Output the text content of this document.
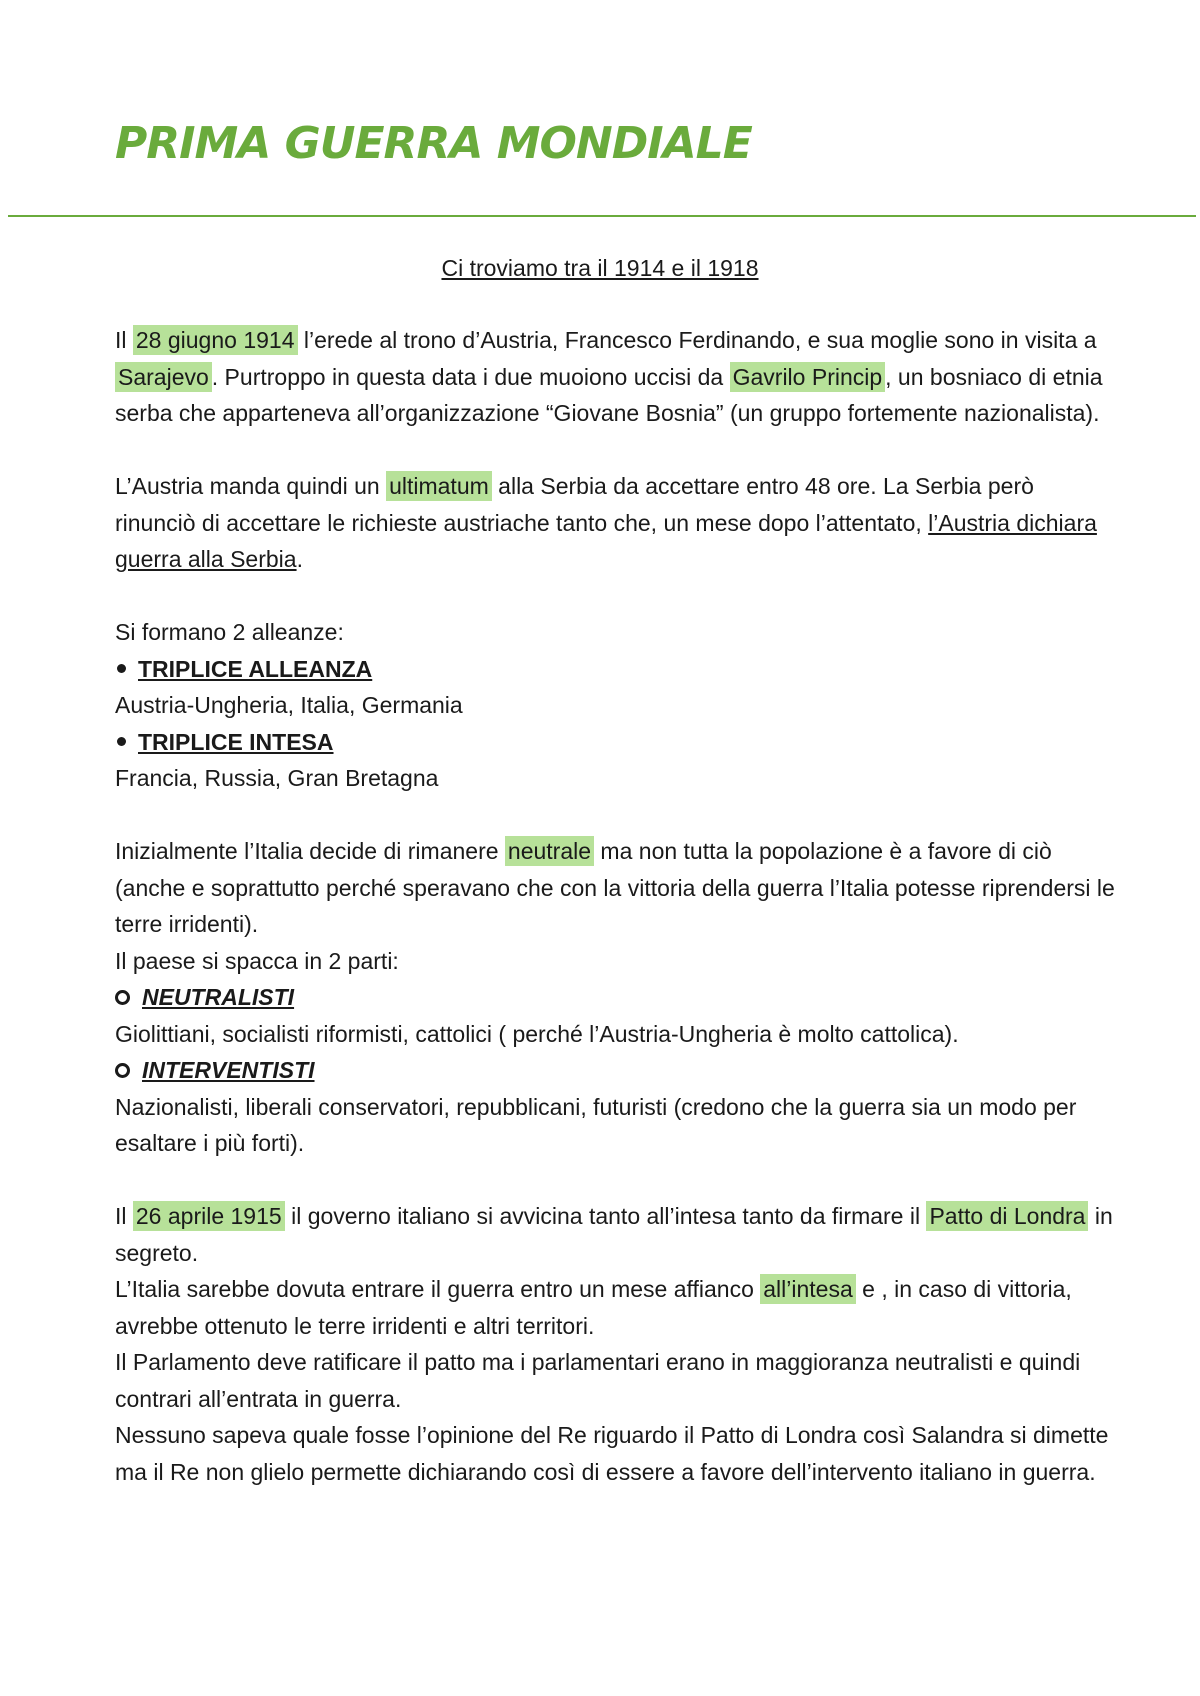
PRIMA GUERRA MONDIALE
Ci troviamo tra il 1914 e il 1918

Il 28 giugno 1914 l’erede al trono d’Austria, Francesco Ferdinando, e sua moglie sono in visita a Sarajevo . Purtroppo in questa data i due muoiono uccisi da Gavrilo Princip , un bosniaco di etnia serba che apparteneva all’organizzazione “Giovane Bosnia” (un gruppo fortemente nazionalista).

L’Austria manda quindi un ultimatum alla Serbia da accettare entro 48 ore. La Serbia però rinunciò di accettare le richieste austriache tanto che, un mese dopo l’attentato, l’Austria dichiara guerra alla Serbia.

Si formano 2 alleanze:

TRIPLICE ALLEANZA

Austria-Ungheria, Italia, Germania

TRIPLICE INTESA

Francia, Russia, Gran Bretagna

Inizialmente l’Italia decide di rimanere neutrale ma non tutta la popolazione è a favore di ciò (anche e soprattutto perché speravano che con la vittoria della guerra l’Italia potesse riprendersi le terre irridenti).

Il paese si spacca in 2 parti:

NEUTRALISTI

Giolittiani, socialisti riformisti, cattolici ( perché l’Austria-Ungheria è molto cattolica).

INTERVENTISTI

Nazionalisti, liberali conservatori, repubblicani, futuristi (credono che la guerra sia un modo per esaltare i più forti).

Il 26 aprile 1915 il governo italiano si avvicina tanto all’intesa tanto da firmare il Patto di Londra in segreto.

L’Italia sarebbe dovuta entrare il guerra entro un mese affianco all’intesa e , in caso di vittoria, avrebbe ottenuto le terre irridenti e altri territori.

Il Parlamento deve ratificare il patto ma i parlamentari erano in maggioranza neutralisti e quindi contrari all’entrata in guerra.

Nessuno sapeva quale fosse l’opinione del Re riguardo il Patto di Londra così Salandra si dimette ma il Re non glielo permette dichiarando così di essere a favore dell’intervento italiano in guerra.
